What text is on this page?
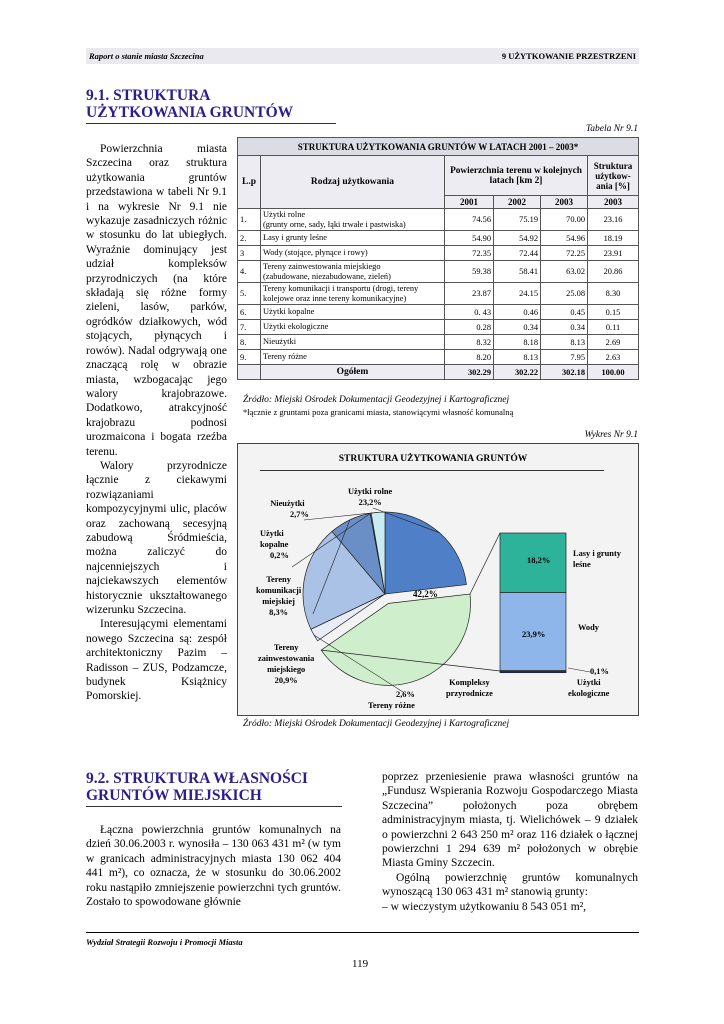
Raport o stanie miasta Szczecina	9 UŻYTKOWANIE PRZESTRZENI
9.1. STRUKTURA
UŻYTKOWANIA GRUNTÓW

Powierzchnia miasta Szczecina oraz struktura użytkowania gruntów przedstawiona w tabeli Nr 9.1 i na wykresie Nr 9.1 nie wykazuje zasadniczych różnic w stosunku do lat ubiegłych. Wyraźnie dominujący jest udział kompleksów przyrodniczych (na które składają się różne formy zieleni, lasów, parków, ogródków działkowych, wód stojących, płynących i rowów). Nadal odgrywają one znaczącą rolę w obrazie miasta, wzbogacając jego walory krajobrazowe. Dodatkowo, atrakcyjność krajobrazu podnosi urozmaicona i bogata rzeźba terenu.

Walory przyrodnicze łącznie z ciekawymi rozwiązaniami kompozycyjnymi ulic, placów oraz zachowaną secesyjną zabudową Śródmieścia, można zaliczyć do najcenniejszych i najciekawszych elementów historycznie ukształtowanego wizerunku Szczecina.

Interesującymi elementami nowego Szczecina są: zespół architektoniczny Pazim – Radisson – ZUS, Podzamcze, budynek Książnicy Pomorskiej.

Tabela Nr 9.1
STRUKTURA UŻYTKOWANIA GRUNTÓW W LATACH 2001 – 2003*					
L.p	Rodzaj użytkowania	Powierzchnia terenu w kolejnych latach [km 2]			Struktura użytkow-ania [%]
		2001	2002	2003	2003
1.	Użytki rolne
(grunty orne, sady, łąki trwałe i pastwiska)	74.56	75.19	70.00	23.16
2.	Lasy i grunty leśne	54.90	54.92	54.96	18.19
3	Wody (stojące, płynące i rowy)	72.35	72.44	72.25	23.91
4.	Tereny zainwestowania miejskiego
(zabudowane, niezabudowane, zieleń)	59.38	58.41	63.02	20.86
5.	Tereny komunikacji i transportu (drogi, tereny
kolejowe oraz inne tereny komunikacyjne)	23.87	24.15	25.08	8.30
6.	Użytki kopalne	0. 43	0.46	0.45	0.15
7.	Użytki ekologiczne	0.28	0.34	0.34	0.11
8.	Nieużytki	8.32	8.18	8.13	2.69
9.	Tereny różne	8.20	8.13	7.95	2.63
	Ogółem	302.29	302.22	302.18	100.00
Źródło: Miejski Ośrodek Dokumentacji Geodezyjnej i Kartograficznej
*łącznie z gruntami poza granicami miasta, stanowiącymi własność komunalną
Wykres Nr 9.1
STRUKTURA UŻYTKOWANIA GRUNTÓW
Użytki rolne
23,2%
Nieużytki
2,7%
Użytki
kopalne
0,2%
Tereny
komunikacji
miejskiej
8,3%
Tereny
zainwestowania
miejskiego
20,9%
2,6%
Tereny różne
42,2%
Kompleksy
przyrodnicze
18,2%
Lasy i grunty
leśne
23,9%
Wody
0,1%
Użytki
ekologiczne
Źródło: Miejski Ośrodek Dokumentacji Geodezyjnej i Kartograficznej
9.2. STRUKTURA WŁASNOŚCI
GRUNTÓW MIEJSKICH

Łączna powierzchnia gruntów komunalnych na dzień 30.06.2003 r. wynosiła – 130 063 431 m² (w tym w granicach administracyjnych miasta 130 062 404 441 m²), co oznacza, że w stosunku do 30.06.2002 roku nastąpiło zmniejszenie powierzchni tych gruntów. Zostało to spowodowane głównie

poprzez przeniesienie prawa własności gruntów na „Fundusz Wspierania Rozwoju Gospodarczego Miasta Szczecina” położonych poza obrębem administracyjnym miasta, tj. Wielichówek – 9 działek o powierzchni 2 643 250 m² oraz 116 działek o łącznej powierzchni 1 294 639 m² położonych w obrębie Miasta Gminy Szczecin.

Ogólną powierzchnię gruntów komunalnych wynoszącą 130 063 431 m² stanowią grunty:

– w wieczystym użytkowaniu 8 543 051 m²,

Wydział Strategii Rozwoju i Promocji Miasta
119
